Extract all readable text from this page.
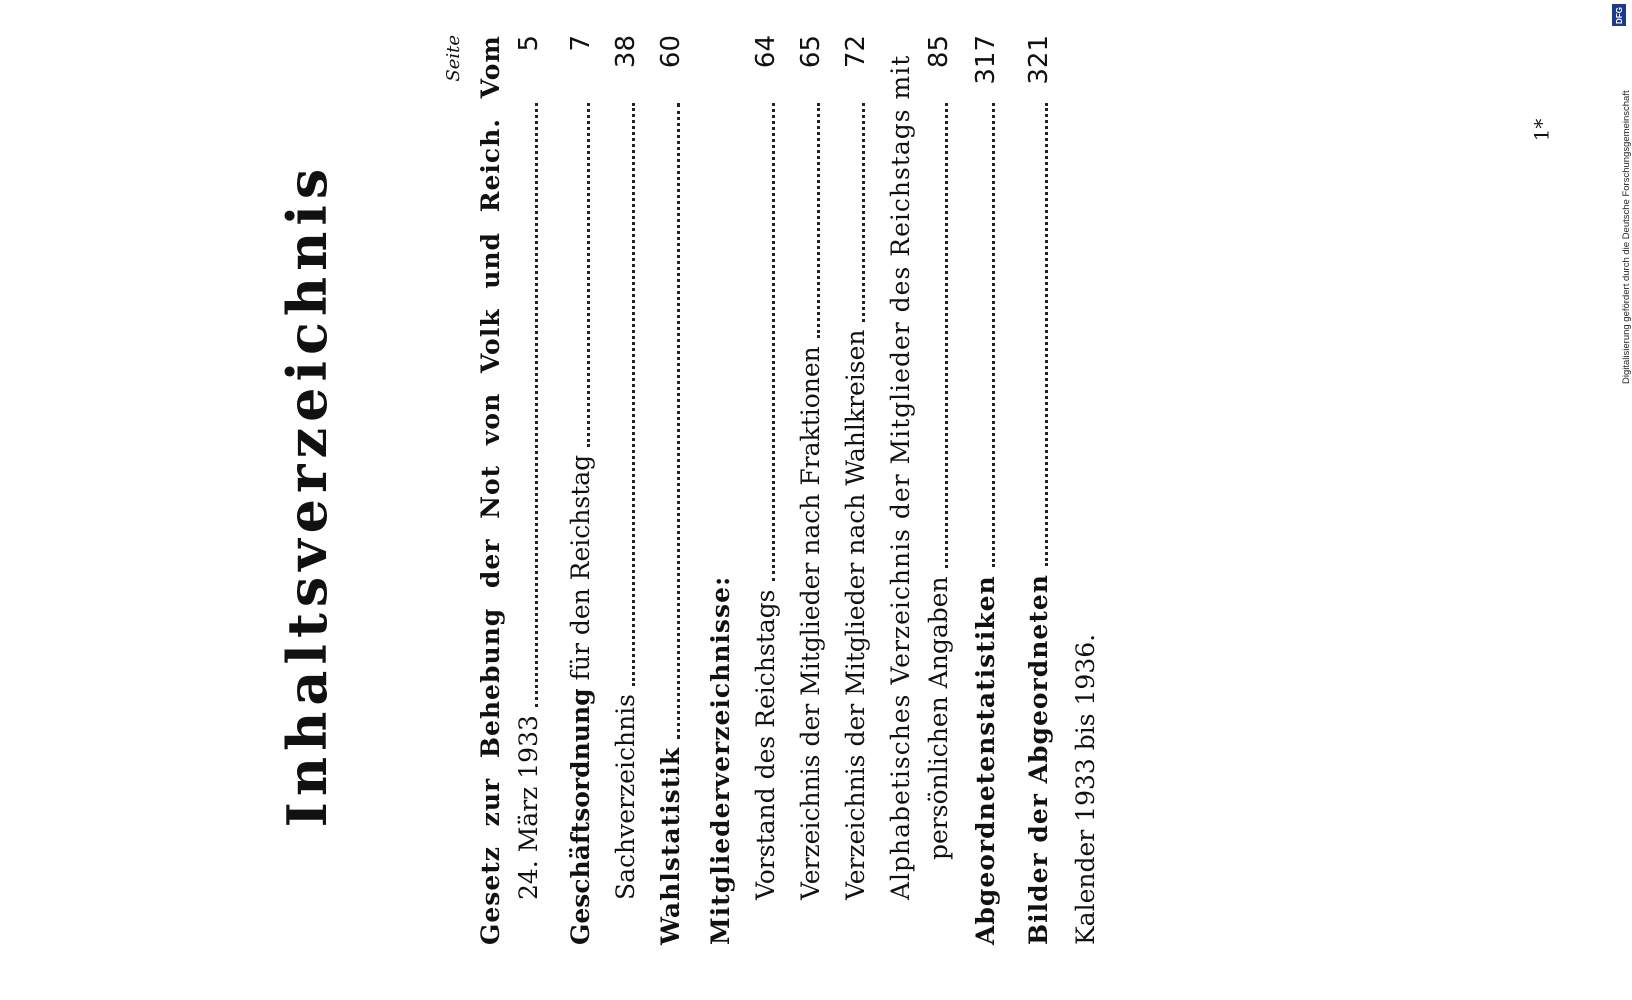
Inhaltsverzeichnis
Seite
Gesetz
zur
Behebung
der
Not
von
Volk
und
Reich.
Vom
24. März 1933
5
Geschäftsordnung für den Reichstag
7
Sachverzeichnis
38
Wahlstatistik
60
Mitgliederverzeichnisse: Vorstand des Reichstags
64
Verzeichnis der Mitglieder nach Fraktionen
65
Verzeichnis der Mitglieder nach Wahlkreisen
72
Alphabetisches Verzeichnis der Mitglieder des Reichstags mit persönlichen Angaben
85
Abgeordnetenstatistiken
317
Bilder der Abgeordneten
321
Kalender 1933 bis 1936.
1*	Digitalisierung gefördert durch die Deutsche Forschungsgemeinschaft
DFG
